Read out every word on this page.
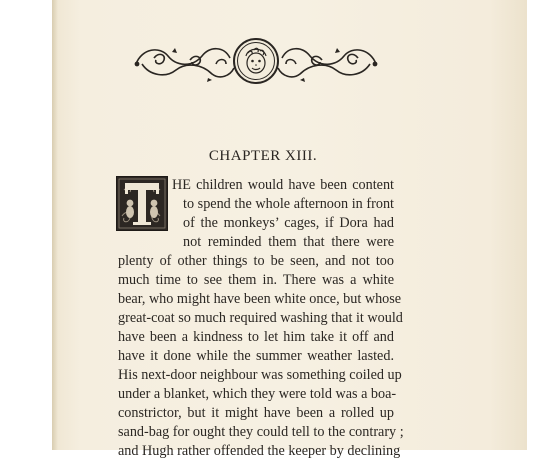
CHAPTER XIII.
HE children would have been content
to spend the whole afternoon in front
of the monkeys’ cages, if Dora had
not reminded them that there were
plenty of other things to be seen, and not too
much time to see them in. There was a white
bear, who might have been white once, but whose
great-coat so much required washing that it would
have been a kindness to let him take it off and
have it done while the summer weather lasted.
His next-door neighbour was something coiled up
under a blanket, which they were told was a boa-
constrictor, but it might have been a rolled up
sand-bag for ought they could tell to the contrary ;
and Hugh rather offended the keeper by declining
